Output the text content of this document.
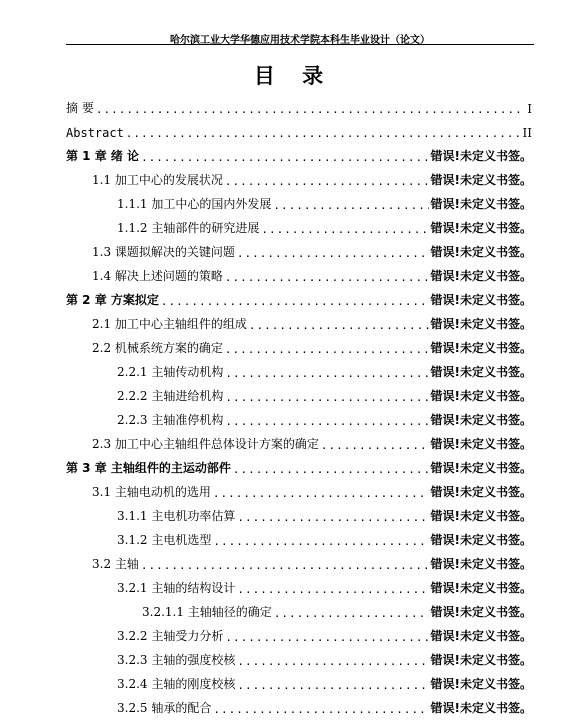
哈尔滨工业大学华德应用技术学院本科生毕业设计（论文）
目 录
摘 要 .....	I
Abstract .....	II
第 1 章 绪 论 .....	错误!未定义书签。
1.1 加工中心的发展状况 .....	错误!未定义书签。
1.1.1 加工中心的国内外发展 .....	错误!未定义书签。
1.1.2 主轴部件的研究进展 .....	错误!未定义书签。
1.3 课题拟解决的关键问题 .....	错误!未定义书签。
1.4 解决上述问题的策略 .....	错误!未定义书签。
第 2 章 方案拟定 .....	错误!未定义书签。
2.1 加工中心主轴组件的组成 .....	错误!未定义书签。
2.2 机械系统方案的确定 .....	错误!未定义书签。
2.2.1 主轴传动机构 .....	错误!未定义书签。
2.2.2 主轴进给机构 .....	错误!未定义书签。
2.2.3 主轴准停机构 .....	错误!未定义书签。
2.3 加工中心主轴组件总体设计方案的确定 .....	错误!未定义书签。
第 3 章 主轴组件的主运动部件 .....	错误!未定义书签。
3.1 主轴电动机的选用 .....	错误!未定义书签。
3.1.1 主电机功率估算 .....	错误!未定义书签。
3.1.2 主电机选型 .....	错误!未定义书签。
3.2 主轴 .....	错误!未定义书签。
3.2.1 主轴的结构设计 .....	错误!未定义书签。
3.2.1.1 主轴轴径的确定 .....	错误!未定义书签。
3.2.2 主轴受力分析 .....	错误!未定义书签。
3.2.3 主轴的强度校核 .....	错误!未定义书签。
3.2.4 主轴的刚度校核 .....	错误!未定义书签。
3.2.5 轴承的配合 .....	错误!未定义书签。
